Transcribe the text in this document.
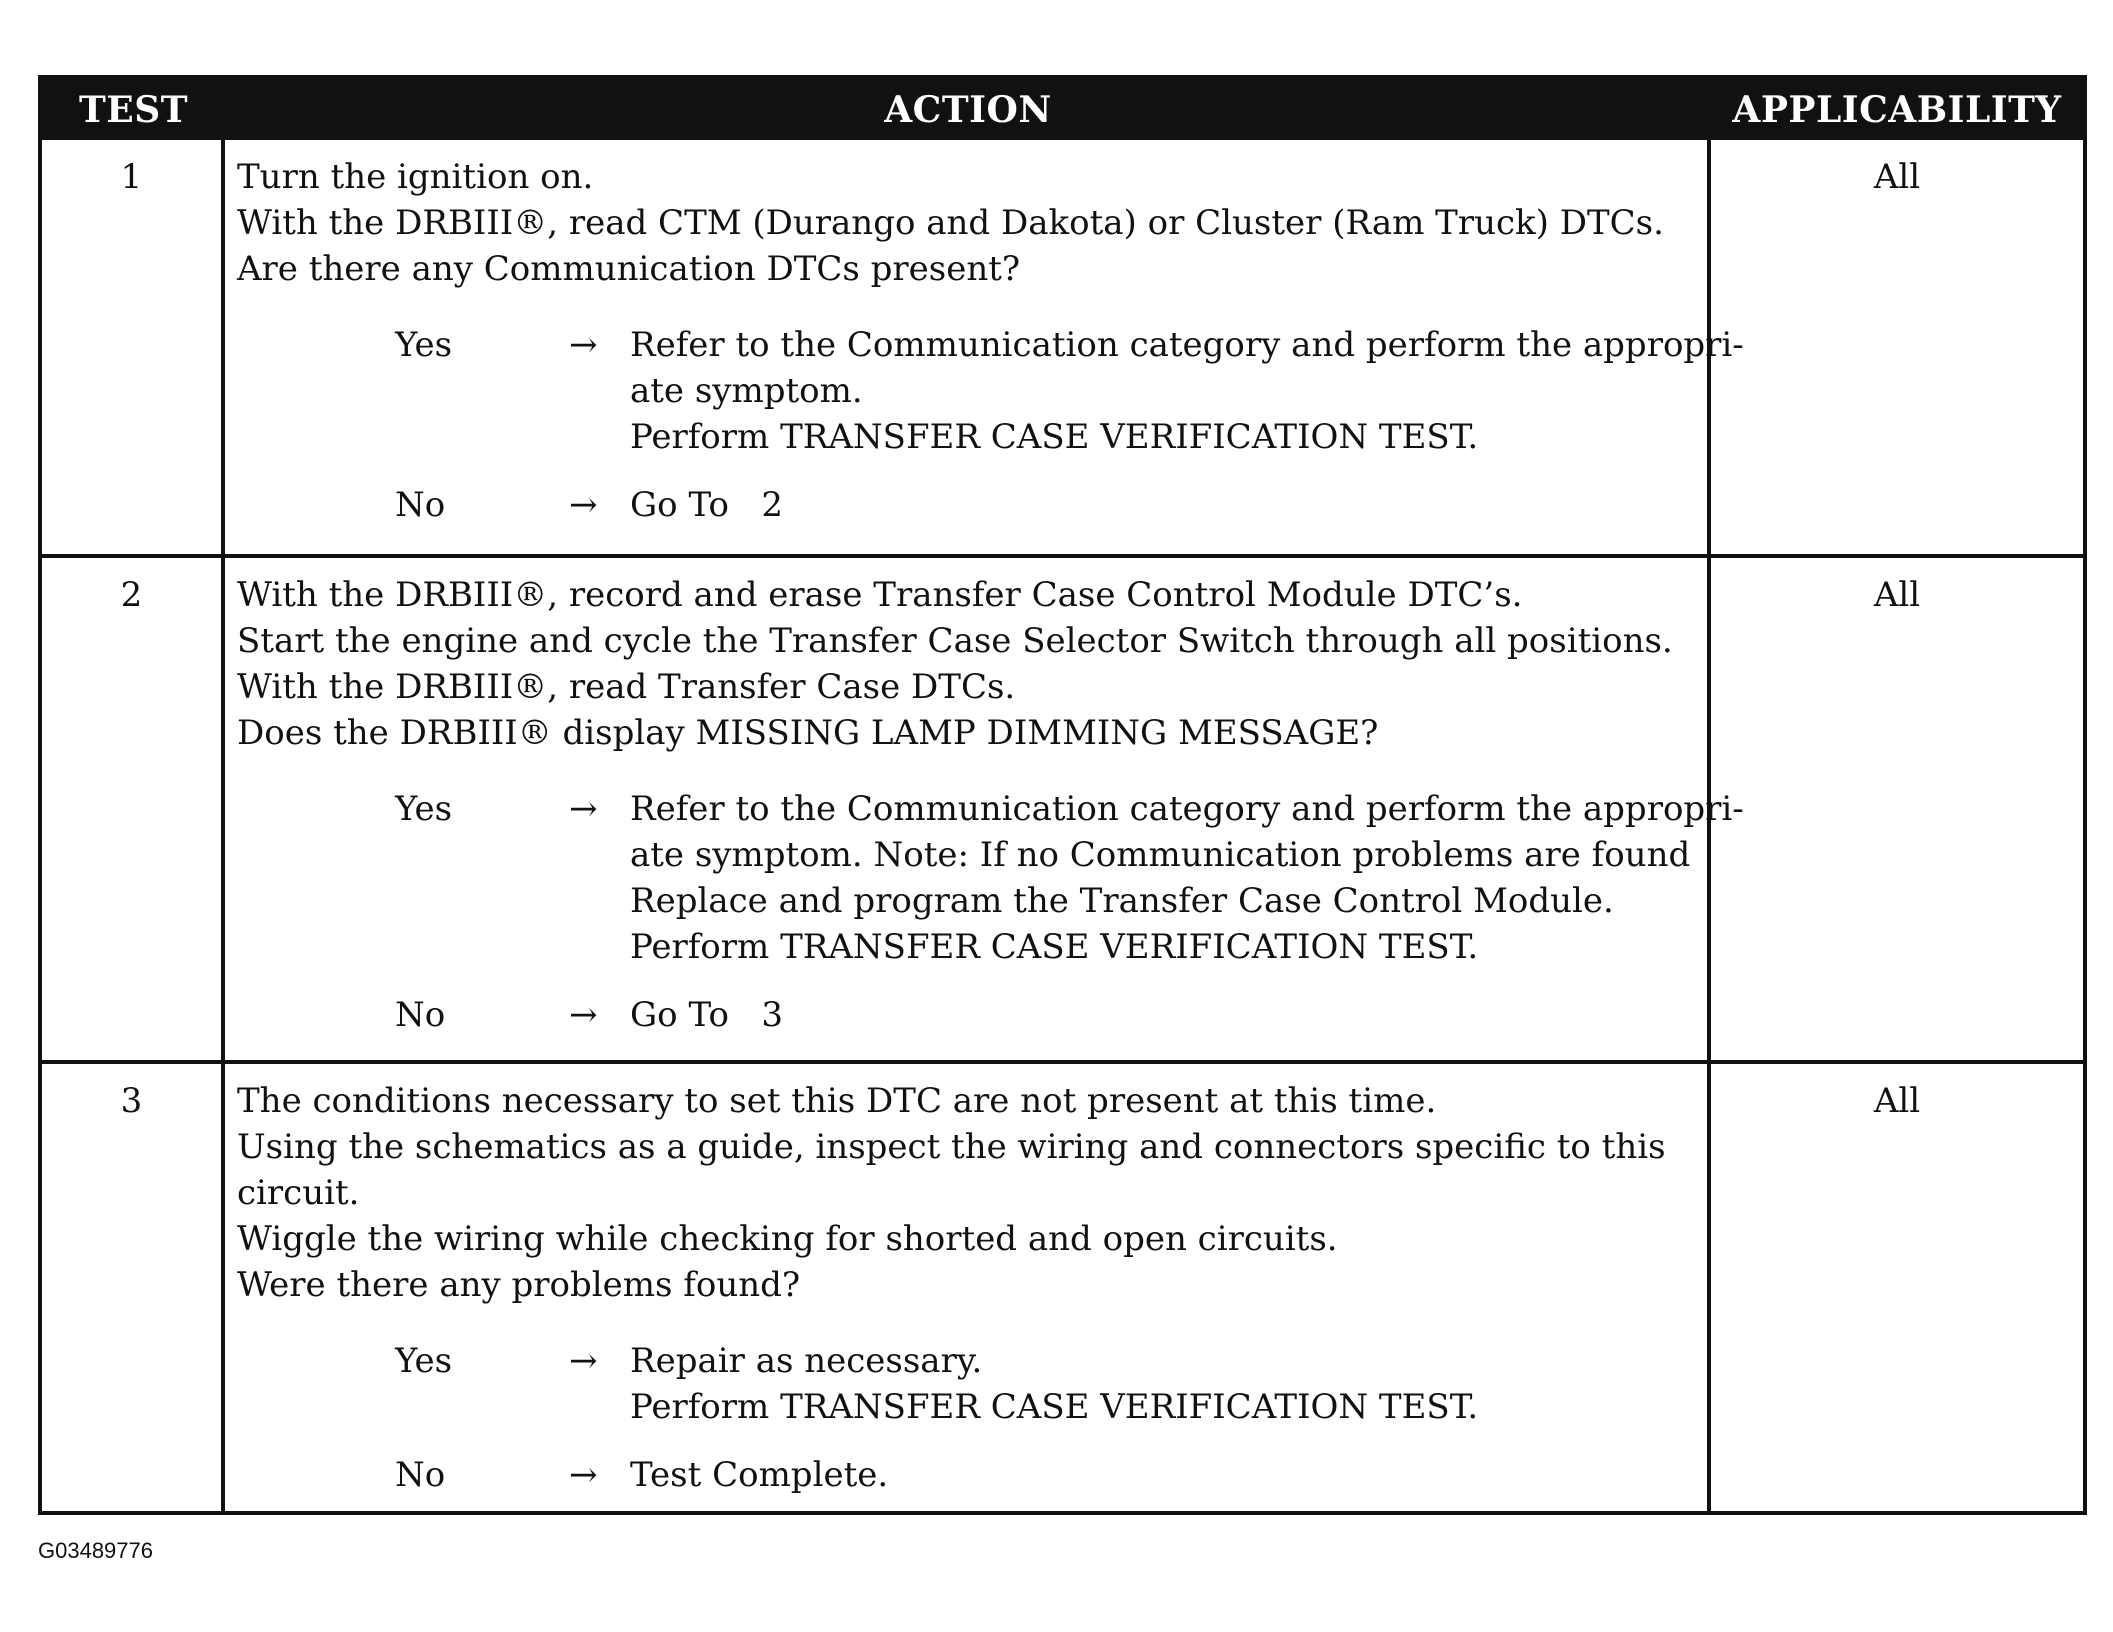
TEST	ACTION	APPLICABILITY
1	Turn the ignition on.
With the DRBIII®, read CTM (Durango and Dakota) or Cluster (Ram Truck) DTCs.
Are there any Communication DTCs present?
Yes	→ Refer to the Communication category and perform the appropri-
ate symptom.
Perform TRANSFER CASE VERIFICATION TEST.
No	→ Go To   2
All
2	With the DRBIII®, record and erase Transfer Case Control Module DTC’s.
Start the engine and cycle the Transfer Case Selector Switch through all positions.
With the DRBIII®, read Transfer Case DTCs.
Does the DRBIII® display MISSING LAMP DIMMING MESSAGE?
Yes	→ Refer to the Communication category and perform the appropri-
ate symptom. Note: If no Communication problems are found
Replace and program the Transfer Case Control Module.
Perform TRANSFER CASE VERIFICATION TEST.
No	→ Go To   3
All
3	The conditions necessary to set this DTC are not present at this time.
Using the schematics as a guide, inspect the wiring and connectors specific to this
circuit.
Wiggle the wiring while checking for shorted and open circuits.
Were there any problems found?
Yes	→ Repair as necessary.
Perform TRANSFER CASE VERIFICATION TEST.
No	→ Test Complete.
All
G03489776
